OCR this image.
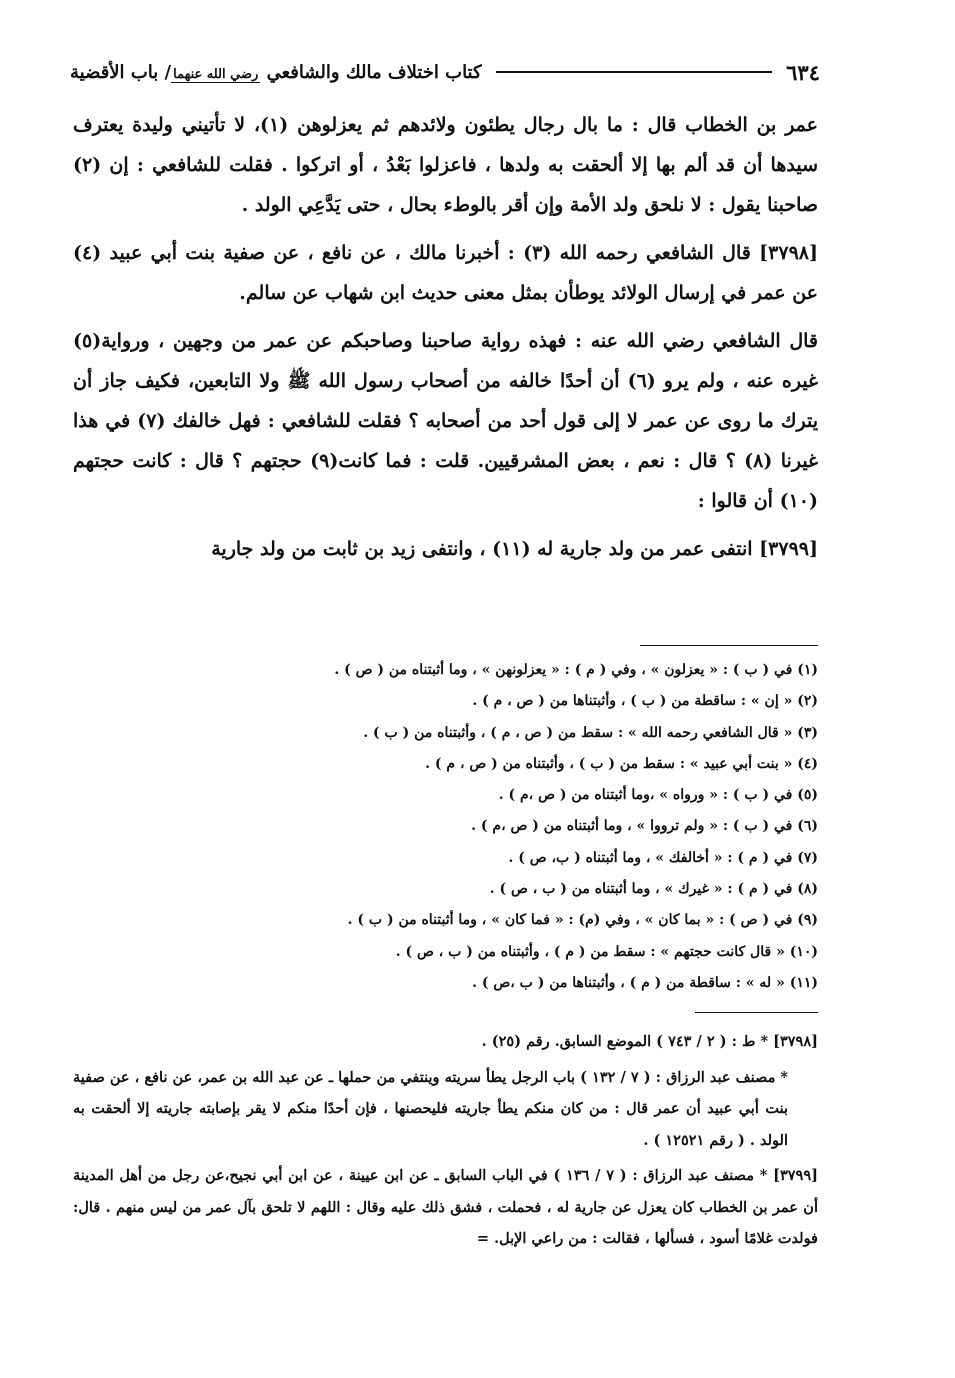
٦٣٤
كتاب اختلاف مالك والشافعي رضي الله عنهما/ باب الأقضية

عمر بن الخطاب قال : ما بال رجال يطئون ولائدهم ثم يعزلوهن (١)، لا تأتيني وليدة يعترف سيدها أن قد ألم بها إلا ألحقت به ولدها ، فاعزلوا بَعْدُ ، أو اتركوا . فقلت للشافعي : إن (٢) صاحبنا يقول : لا نلحق ولد الأمة وإن أقر بالوطء بحال ، حتى يَدَّعِي الولد .

[٣٧٩٨] قال الشافعي رحمه الله (٣) : أخبرنا مالك ، عن نافع ، عن صفية بنت أبي عبيد (٤) عن عمر في إرسال الولائد يوطأن بمثل معنى حديث ابن شهاب عن سالم.

قال الشافعي رضي الله عنه : فهذه رواية صاحبنا وصاحبكم عن عمر من وجهين ، ورواية(٥) غيره عنه ، ولم يرو (٦) أن أحدًا خالفه من أصحاب رسول الله ﷺ ولا التابعين، فكيف جاز أن يترك ما روى عن عمر لا إلى قول أحد من أصحابه ؟ فقلت للشافعي : فهل خالفك (٧) في هذا غيرنا (٨) ؟ قال : نعم ، بعض المشرقيين. قلت : فما كانت(٩) حجتهم ؟ قال : كانت حجتهم (١٠) أن قالوا :

[٣٧٩٩] انتفى عمر من ولد جارية له (١١) ، وانتفى زيد بن ثابت من ولد جارية

(١) في ( ب ) : « يعزلون » ، وفي ( م ) : « يعزلونهن » ، وما أثبتناه من ( ص ) .
(٢) « إن » : ساقطة من ( ب ) ، وأثبتناها من ( ص ، م ) .
(٣) « قال الشافعي رحمه الله » : سقط من ( ص ، م ) ، وأثبتناه من ( ب ) .
(٤) « بنت أبي عبيد » : سقط من ( ب ) ، وأثبتناه من ( ص ، م ) .
(٥) في ( ب ) : « ورواه » ،وما أثبتناه من ( ص ،م ) .
(٦) في ( ب ) : « ولم ترووا » ، وما أثبتناه من ( ص ،م ) .
(٧) في ( م ) : « أخالفك » ، وما أثبتناه ( ب، ص ) .
(٨) في ( م ) : « غيرك » ، وما أثبتناه من ( ب ، ص ) .
(٩) في ( ص ) : « بما كان » ، وفي (م) : « فما كان » ، وما أثبتناه من ( ب ) .
(١٠) « قال كانت حجتهم » : سقط من ( م ) ، وأثبتناه من ( ب ، ص ) .
(١١) « له » : ساقطة من ( م ) ، وأثبتناها من ( ب ،ص ) .

[٣٧٩٨] * ط : ( ٢ / ٧٤٣ ) الموضع السابق. رقم (٢٥) .

* مصنف عبد الرزاق : ( ٧ / ١٣٢ ) باب الرجل يطأ سريته وينتفي من حملها ـ عن عبد الله بن عمر، عن نافع ، عن صفية بنت أبي عبيد أن عمر قال : من كان منكم يطأ جاريته فليحصنها ، فإن أحدًا منكم لا يقر بإصابته جاريته إلا ألحقت به الولد . ( رقم ١٢٥٢١ ) .

[٣٧٩٩] * مصنف عبد الرزاق : ( ٧ / ١٣٦ ) في الباب السابق ـ عن ابن عيينة ، عن ابن أبي نجيح،عن رجل من أهل المدينة أن عمر بن الخطاب كان يعزل عن جارية له ، فحملت ، فشق ذلك عليه وقال : اللهم لا تلحق بآل عمر من ليس منهم . قال: فولدت غلامًا أسود ، فسألها ، فقالت : من راعي الإبل. =
